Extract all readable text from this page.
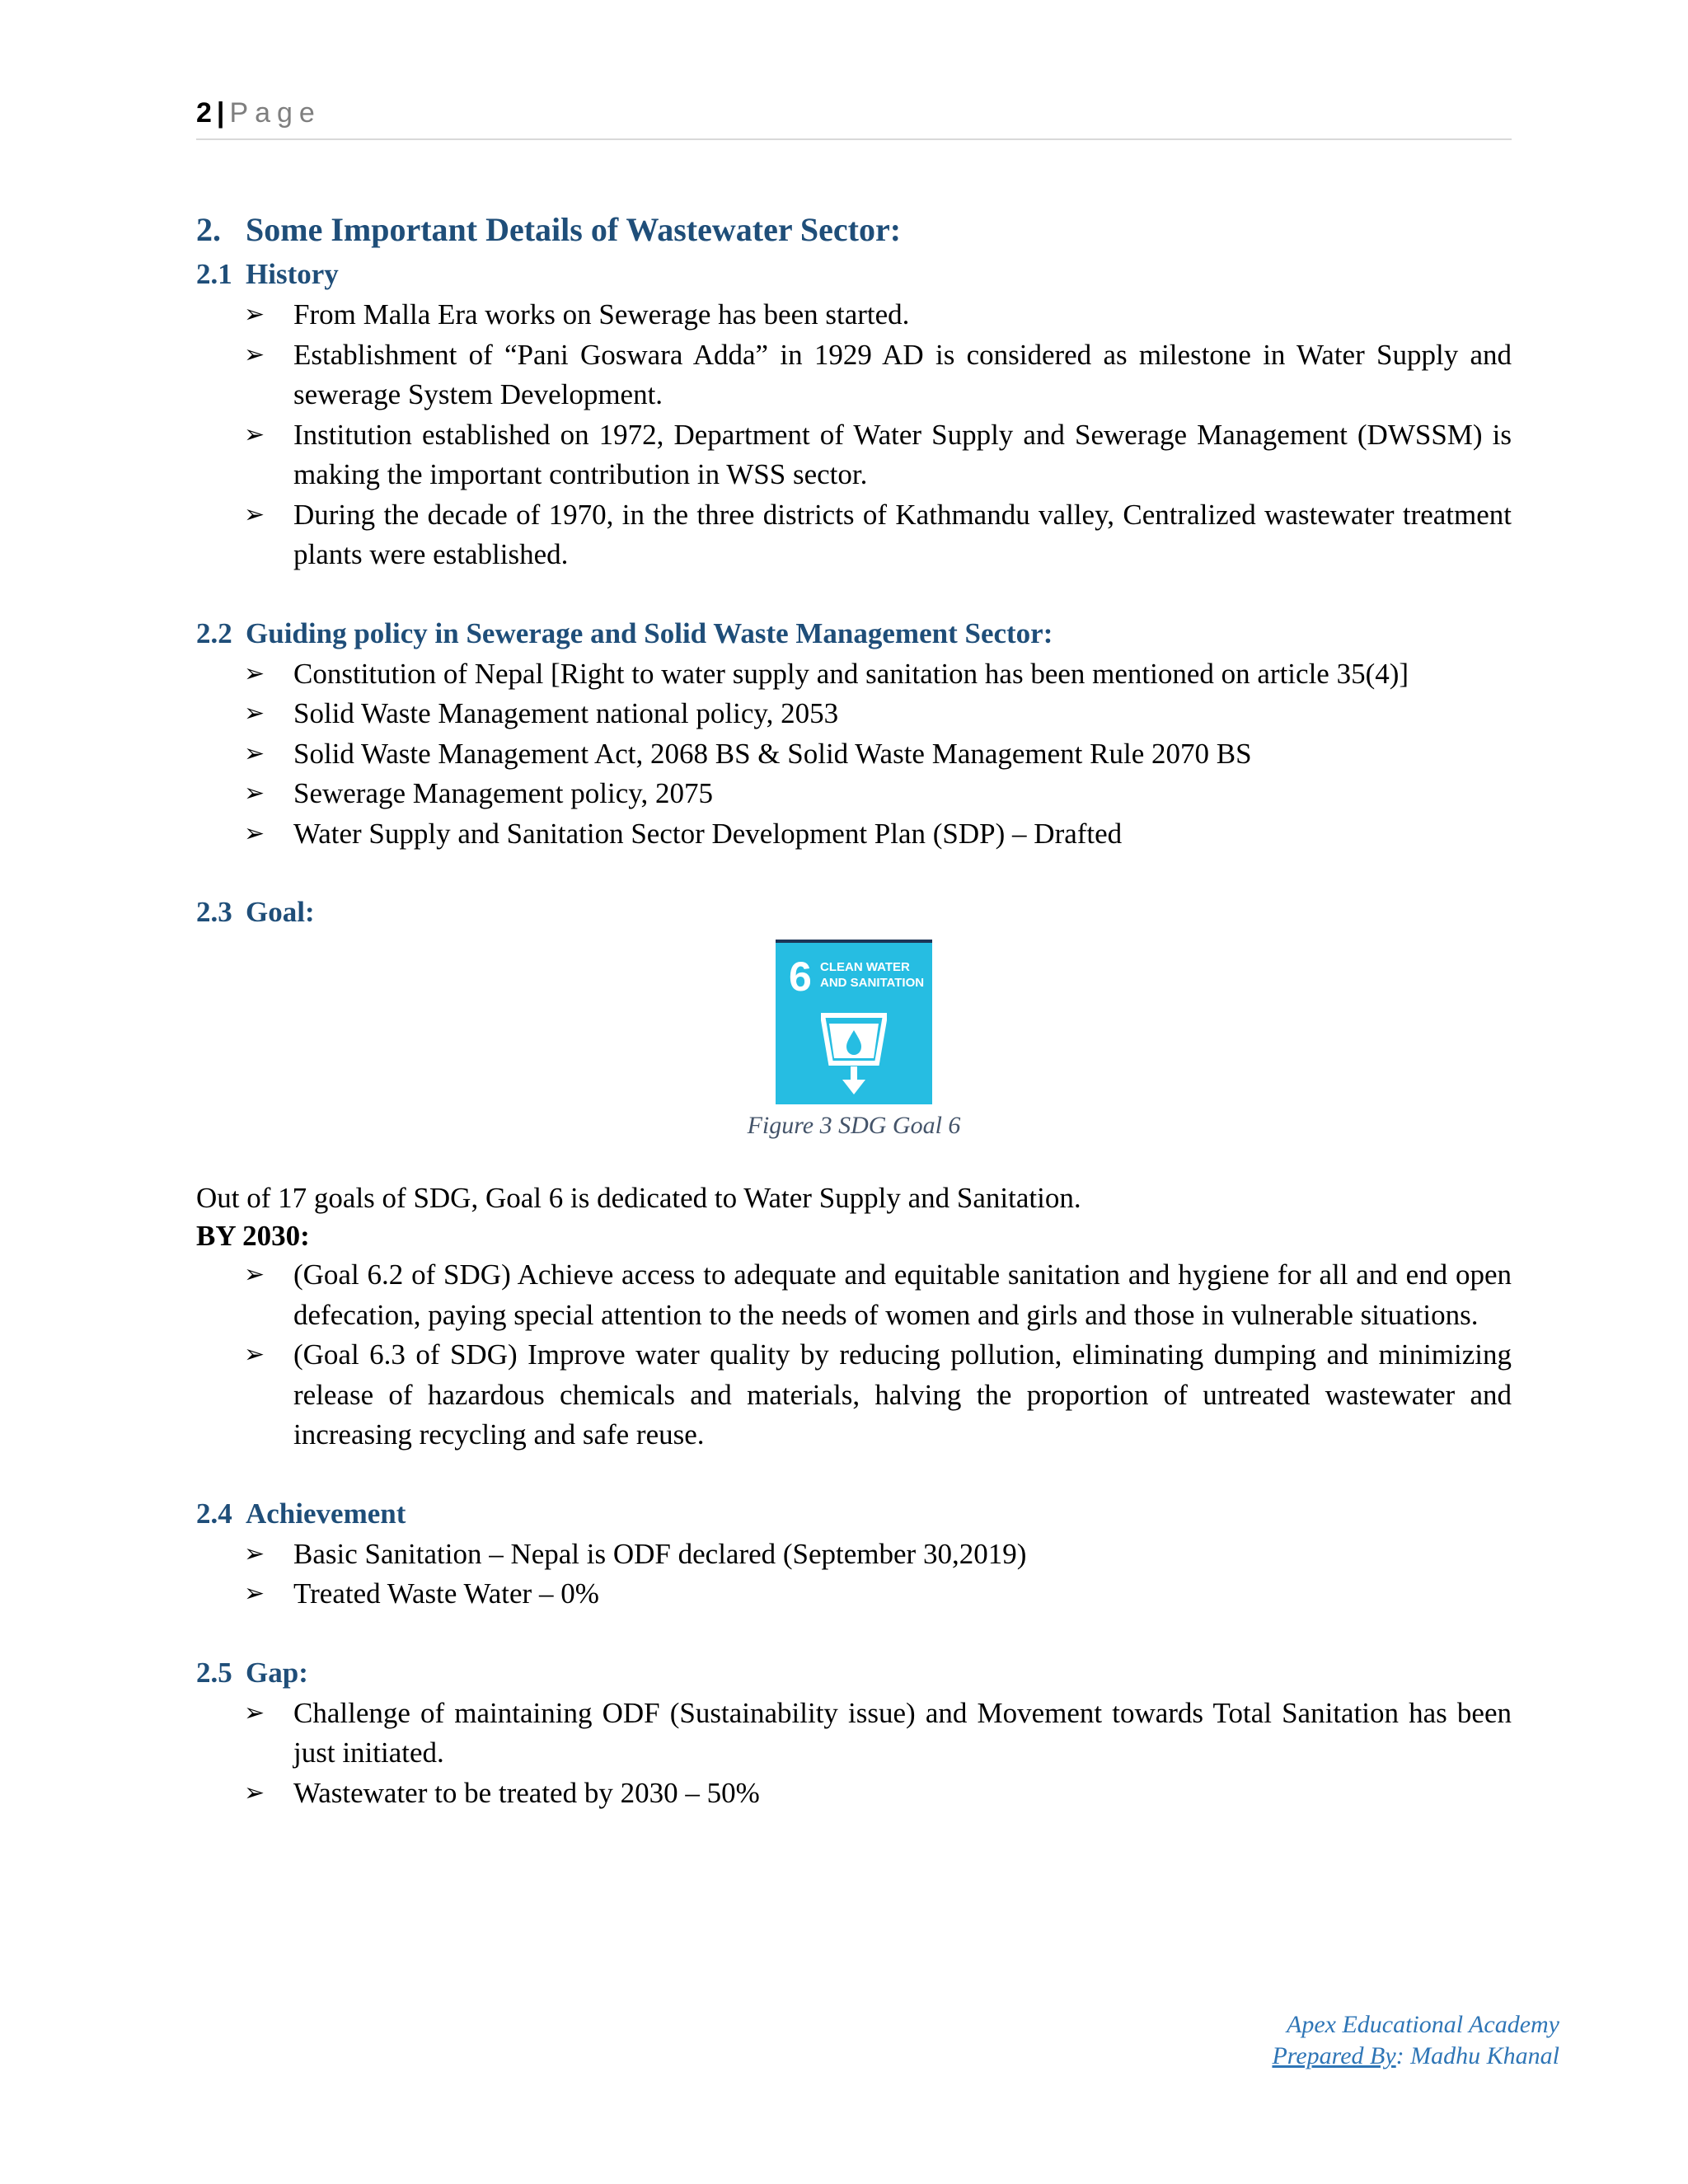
2 | Page
2. Some Important Details of Wastewater Sector:
2.1 History
➢ From Malla Era works on Sewerage has been started.
➢ Establishment of “Pani Goswara Adda” in 1929 AD is considered as milestone in Water Supply and sewerage System Development.
➢ Institution established on 1972, Department of Water Supply and Sewerage Management (DWSSM) is making the important contribution in WSS sector.
➢ During the decade of 1970, in the three districts of Kathmandu valley, Centralized wastewater treatment plants were established.
2.2 Guiding policy in Sewerage and Solid Waste Management Sector:
➢ Constitution of Nepal [Right to water supply and sanitation has been mentioned on article 35(4)]
➢ Solid Waste Management national policy, 2053
➢ Solid Waste Management Act, 2068 BS & Solid Waste Management Rule 2070 BS
➢ Sewerage Management policy, 2075
➢ Water Supply and Sanitation Sector Development Plan (SDP) – Drafted
2.3 Goal:
6 CLEAN WATER
AND SANITATION
Figure 3 SDG Goal 6

Out of 17 goals of SDG, Goal 6 is dedicated to Water Supply and Sanitation.

BY 2030:

➢ (Goal 6.2 of SDG) Achieve access to adequate and equitable sanitation and hygiene for all and end open defecation, paying special attention to the needs of women and girls and those in vulnerable situations.
➢ (Goal 6.3 of SDG) Improve water quality by reducing pollution, eliminating dumping and minimizing release of hazardous chemicals and materials, halving the proportion of untreated wastewater and increasing recycling and safe reuse.
2.4 Achievement
➢ Basic Sanitation – Nepal is ODF declared (September 30,2019)
➢ Treated Waste Water – 0%
2.5 Gap:
➢ Challenge of maintaining ODF (Sustainability issue) and Movement towards Total Sanitation has been just initiated.
➢ Wastewater to be treated by 2030 – 50%
Apex Educational Academy
Prepared By: Madhu Khanal
